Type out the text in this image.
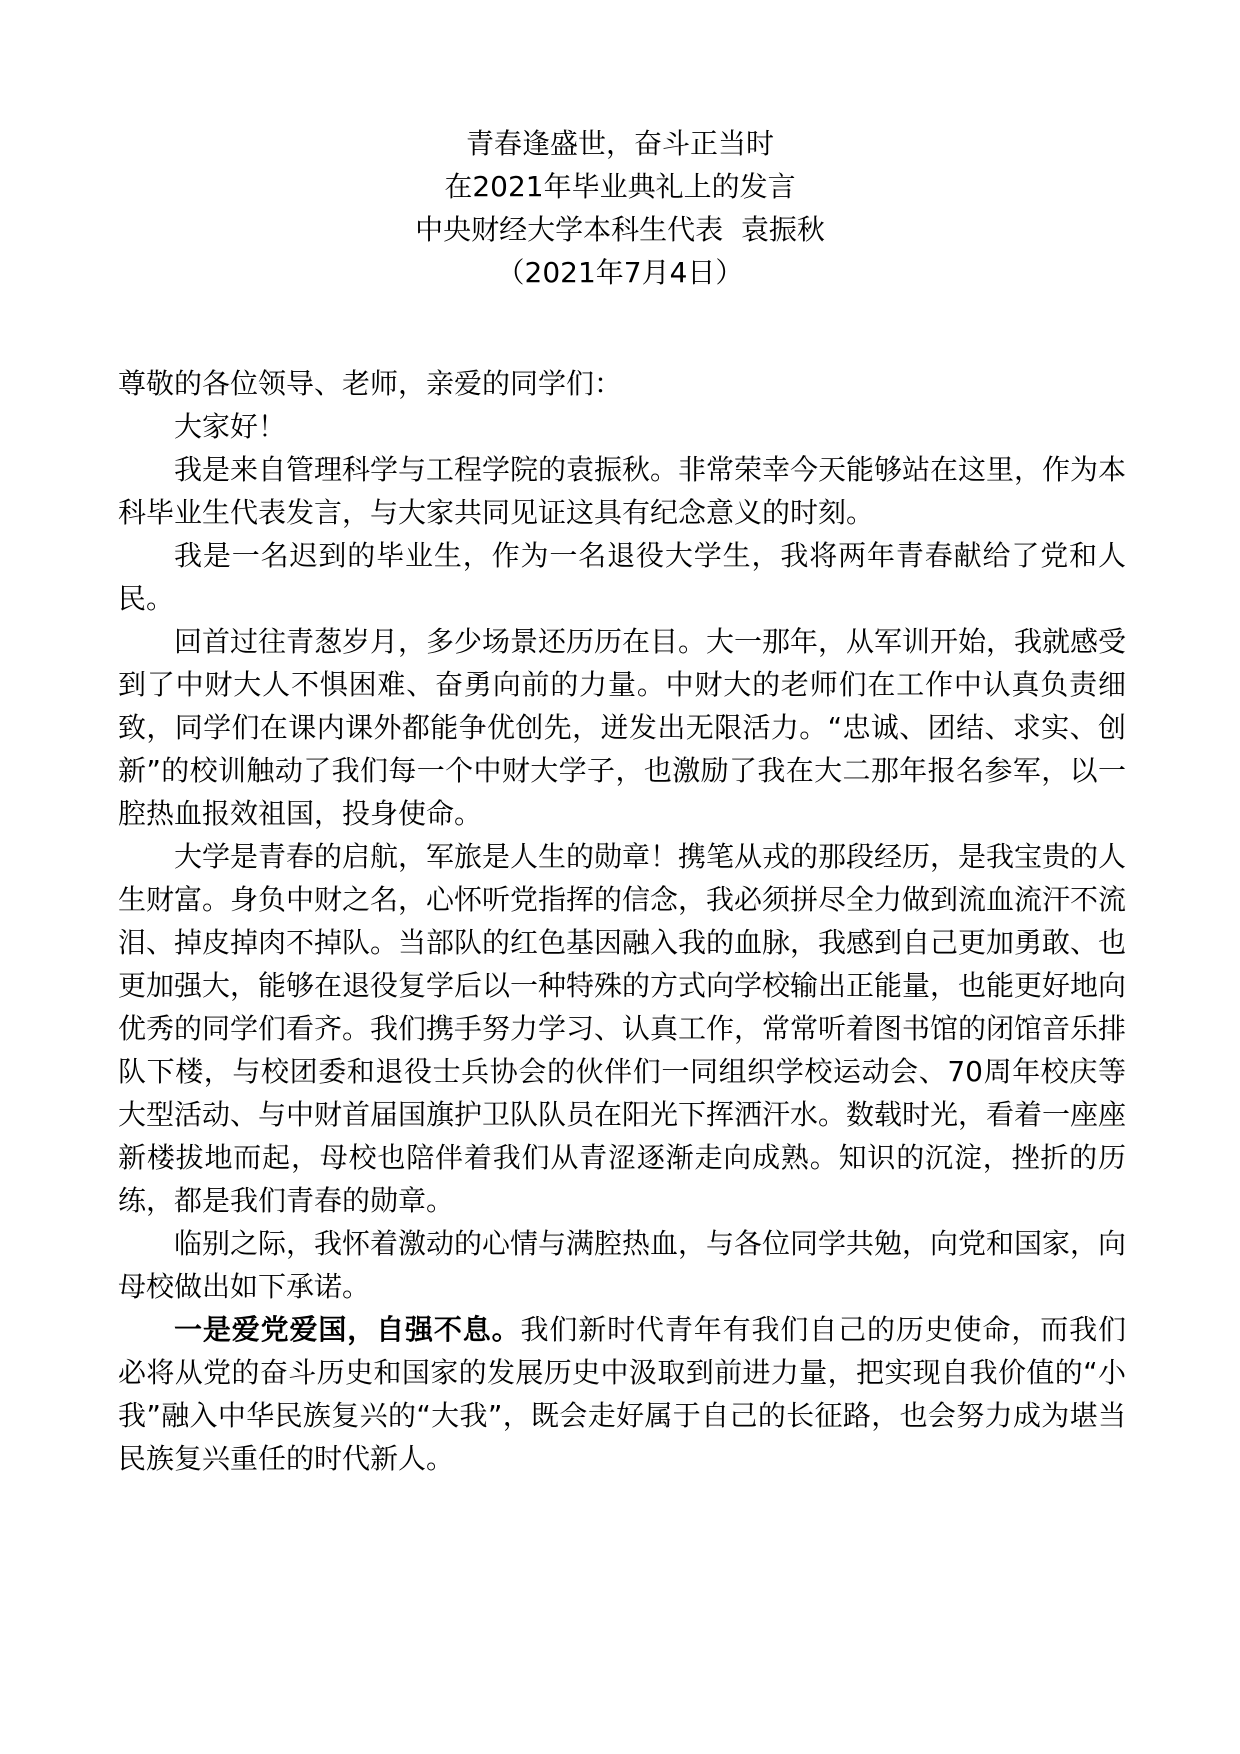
青春逢盛世，奋斗正当时
在2021年毕业典礼上的发言
中央财经大学本科生代表  袁振秋
（2021年7月4日）

尊敬的各位领导、老师，亲爱的同学们：

大家好！

我是来自管理科学与工程学院的袁振秋。非常荣幸今天能够站在这里，作为本科毕业生代表发言，与大家共同见证这具有纪念意义的时刻。

我是一名迟到的毕业生，作为一名退役大学生，我将两年青春献给了党和人民。

回首过往青葱岁月，多少场景还历历在目。大一那年，从军训开始，我就感受到了中财大人不惧困难、奋勇向前的力量。中财大的老师们在工作中认真负责细致，同学们在课内课外都能争优创先，迸发出无限活力。“忠诚、团结、求实、创新”的校训触动了我们每一个中财大学子，也激励了我在大二那年报名参军，以一腔热血报效祖国，投身使命。

大学是青春的启航，军旅是人生的勋章！携笔从戎的那段经历，是我宝贵的人生财富。身负中财之名，心怀听党指挥的信念，我必须拼尽全力做到流血流汗不流泪、掉皮掉肉不掉队。当部队的红色基因融入我的血脉，我感到自己更加勇敢、也更加强大，能够在退役复学后以一种特殊的方式向学校输出正能量，也能更好地向优秀的同学们看齐。我们携手努力学习、认真工作，常常听着图书馆的闭馆音乐排队下楼，与校团委和退役士兵协会的伙伴们一同组织学校运动会、70周年校庆等大型活动、与中财首届国旗护卫队队员在阳光下挥洒汗水。数载时光，看着一座座新楼拔地而起，母校也陪伴着我们从青涩逐渐走向成熟。知识的沉淀，挫折的历练，都是我们青春的勋章。

临别之际，我怀着激动的心情与满腔热血，与各位同学共勉，向党和国家，向母校做出如下承诺。

一是爱党爱国，自强不息。我们新时代青年有我们自己的历史使命，而我们必将从党的奋斗历史和国家的发展历史中汲取到前进力量，把实现自我价值的“小我”融入中华民族复兴的“大我”，既会走好属于自己的长征路，也会努力成为堪当民族复兴重任的时代新人。
